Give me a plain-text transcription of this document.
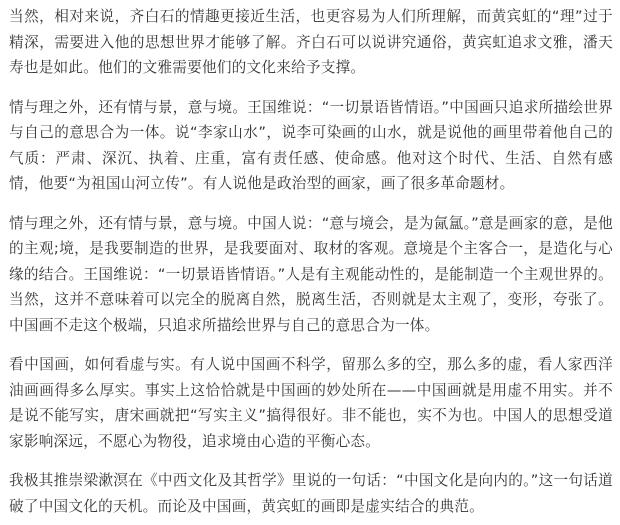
当然，相对来说，齐白石的情趣更接近生活，也更容易为人们所理解，而黄宾虹的“理”过于精深，需要进入他的思想世界才能够了解。齐白石可以说讲究通俗，黄宾虹追求文雅，潘天寿也是如此。他们的文雅需要他们的文化来给予支撑。

情与理之外，还有情与景，意与境。王国维说：“一切景语皆情语。”中国画只追求所描绘世界与自己的意思合为一体。说“李家山水”，说李可染画的山水，就是说他的画里带着他自己的气质：严肃、深沉、执着、庄重，富有责任感、使命感。他对这个时代、生活、自然有感情，他要“为祖国山河立传”。有人说他是政治型的画家，画了很多革命题材。

情与理之外，还有情与景，意与境。中国人说：“意与境会，是为氤氲。”意是画家的意，是他的主观;境，是我要制造的世界，是我要面对、取材的客观。意境是个主客合一，是造化与心缘的结合。王国维说：“一切景语皆情语。”人是有主观能动性的，是能制造一个主观世界的。当然，这并不意味着可以完全的脱离自然，脱离生活，否则就是太主观了，变形，夸张了。中国画不走这个极端，只追求所描绘世界与自己的意思合为一体。

看中国画，如何看虚与实。有人说中国画不科学，留那么多的空，那么多的虚，看人家西洋油画画得多么厚实。事实上这恰恰就是中国画的妙处所在——中国画就是用虚不用实。并不是说不能写实，唐宋画就把“写实主义”搞得很好。非不能也，实不为也。中国人的思想受道家影响深远，不愿心为物役，追求境由心造的平衡心态。

我极其推崇梁漱溟在《中西文化及其哲学》里说的一句话：“中国文化是向内的。”这一句话道破了中国文化的天机。而论及中国画，黄宾虹的画即是虚实结合的典范。
